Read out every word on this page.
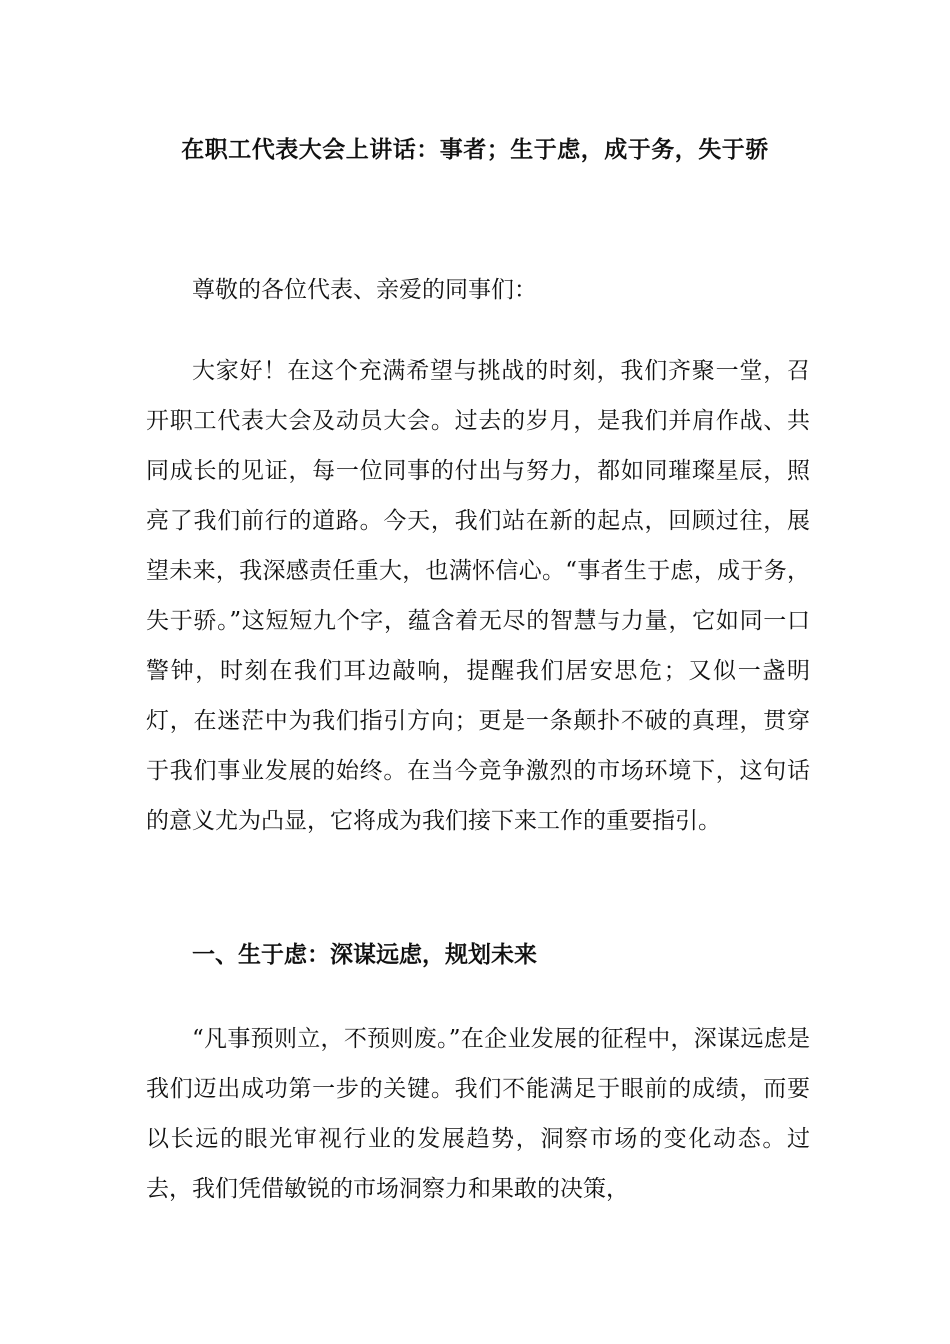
在职工代表大会上讲话：事者；生于虑，成于务，失于骄
尊敬的各位代表、亲爱的同事们：
大家好！在这个充满希望与挑战的时刻，我们齐聚一堂，召开职工代表大会及动员大会。过去的岁月，是我们并肩作战、共同成长的见证，每一位同事的付出与努力，都如同璀璨星辰，照亮了我们前行的道路。今天，我们站在新的起点，回顾过往，展望未来，我深感责任重大，也满怀信心。“事者生于虑，成于务，失于骄。”这短短九个字，蕴含着无尽的智慧与力量，它如同一口警钟，时刻在我们耳边敲响，提醒我们居安思危；又似一盏明灯，在迷茫中为我们指引方向；更是一条颠扑不破的真理，贯穿于我们事业发展的始终。在当今竞争激烈的市场环境下，这句话的意义尤为凸显，它将成为我们接下来工作的重要指引。
一、生于虑：深谋远虑，规划未来
“凡事预则立，不预则废。”在企业发展的征程中，深谋远虑是我们迈出成功第一步的关键。我们不能满足于眼前的成绩，而要以长远的眼光审视行业的发展趋势，洞察市场的变化动态。过去，我们凭借敏锐的市场洞察力和果敢的决策，
